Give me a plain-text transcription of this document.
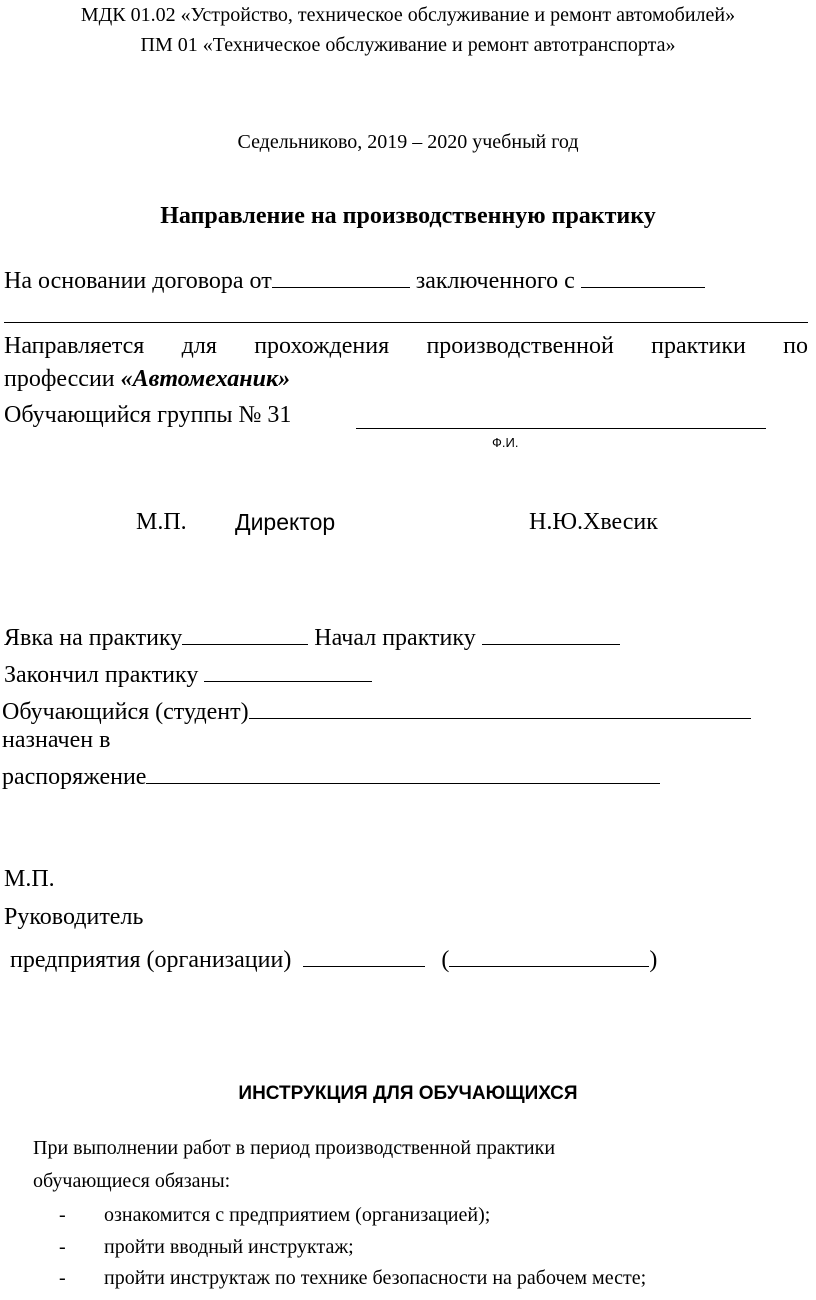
МДК 01.02 «Устройство, техническое обслуживание и ремонт автомобилей»
ПМ 01 «Техническое обслуживание и ремонт автотранспорта»
Седельниково, 2019 – 2020 учебный год
Направление на производственную практику
На основании договора от	заключенного с
Направляется для прохождения производственной практики по
профессии «Автомеханик»
Обучающийся группы № 31
Ф.И.
М.П. Директор	Н.Ю.Хвесик
Явка на практику	Начал практику
Закончил практику
Обучающийся (студент)
назначен в
распоряжение
М.П.
Руководитель
предприятия (организации)	(	)
ИНСТРУКЦИЯ ДЛЯ ОБУЧАЮЩИХСЯ
При выполнении работ в период производственной практики
обучающиеся обязаны:
- ознакомится с предприятием (организацией);
- пройти вводный инструктаж;
- пройти инструктаж по технике безопасности на рабочем месте;
